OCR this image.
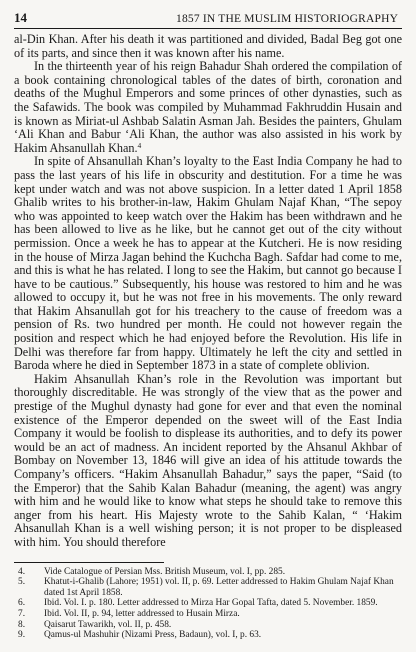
14	1857 IN THE MUSLIM HISTORIOGRAPHY

al-Din Khan. After his death it was partitioned and divided, Badal Beg got one of its parts, and since then it was known after his name.

In the thirteenth year of his reign Bahadur Shah ordered the compilation of a book containing chronological tables of the dates of birth, coronation and deaths of the Mughul Emperors and some princes of other dynasties, such as the Safawids. The book was compiled by Muhammad Fakhruddin Husain and is known as Miriat-ul Ashbab Salatin Asman Jah. Besides the painters, Ghulam ‘Ali Khan and Babur ‘Ali Khan, the author was also assisted in his work by Hakim Ahsanullah Khan.$^4$

In spite of Ahsanullah Khan’s loyalty to the East India Company he had to pass the last years of his life in obscurity and destitution. For a time he was kept under watch and was not above suspicion. In a letter dated 1 April 1858 Ghalib writes to his brother-in-law, Hakim Ghulam Najaf Khan, “The sepoy who was appointed to keep watch over the Hakim has been withdrawn and he has been allowed to live as he like, but he cannot get out of the city without permission. Once a week he has to appear at the Kutcheri. He is now residing in the house of Mirza Jagan behind the Kuchcha Bagh. Safdar had come to me, and this is what he has related. I long to see the Hakim, but cannot go because I have to be cautious.” Subsequently, his house was restored to him and he was allowed to occupy it, but he was not free in his movements. The only reward that Hakim Ahsanullah got for his treachery to the cause of freedom was a pension of Rs. two hundred per month. He could not however regain the position and respect which he had enjoyed before the Revolution. His life in Delhi was therefore far from happy. Ultimately he left the city and settled in Baroda where he died in September 1873 in a state of complete oblivion.

Hakim Ahsanullah Khan’s role in the Revolution was important but thoroughly discreditable. He was strongly of the view that as the power and prestige of the Mughul dynasty had gone for ever and that even the nominal existence of the Emperor depended on the sweet will of the East India Company it would be foolish to displease its authorities, and to defy its power would be an act of madness. An incident reported by the Ahsanul Akhbar of Bombay on November 13, 1846 will give an idea of his attitude towards the Company’s officers. “Hakim Ahsanullah Bahadur,” says the paper, “Said (to the Emperor) that the Sahib Kalan Bahadur (meaning, the agent) was angry with him and he would like to know what steps he should take to remove this anger from his heart. His Majesty wrote to the Sahib Kalan, “ ‘Hakim Ahsanullah Khan is a well wishing person; it is not proper to be displeased with him. You should therefore

4.	Vide Catalogue of Persian Mss. British Museum, vol. I, pp. 285.
5.	Khatut-i-Ghalib (Lahore; 1951) vol. II, p. 69. Letter addressed to Hakim Ghulam Najaf Khan dated 1st April 1858.
6.	Ibid. Vol. I. p. 180. Letter addressed to Mirza Har Gopal Tafta, dated 5. November. 1859.
7.	Ibid. Vol. II, p. 94, letter addressed to Husain Mirza.
8.	Qaisarut Tawarikh, vol. II, p. 458.
9.	Qamus-ul Mashuhir (Nizami Press, Badaun), vol. I, p. 63.
